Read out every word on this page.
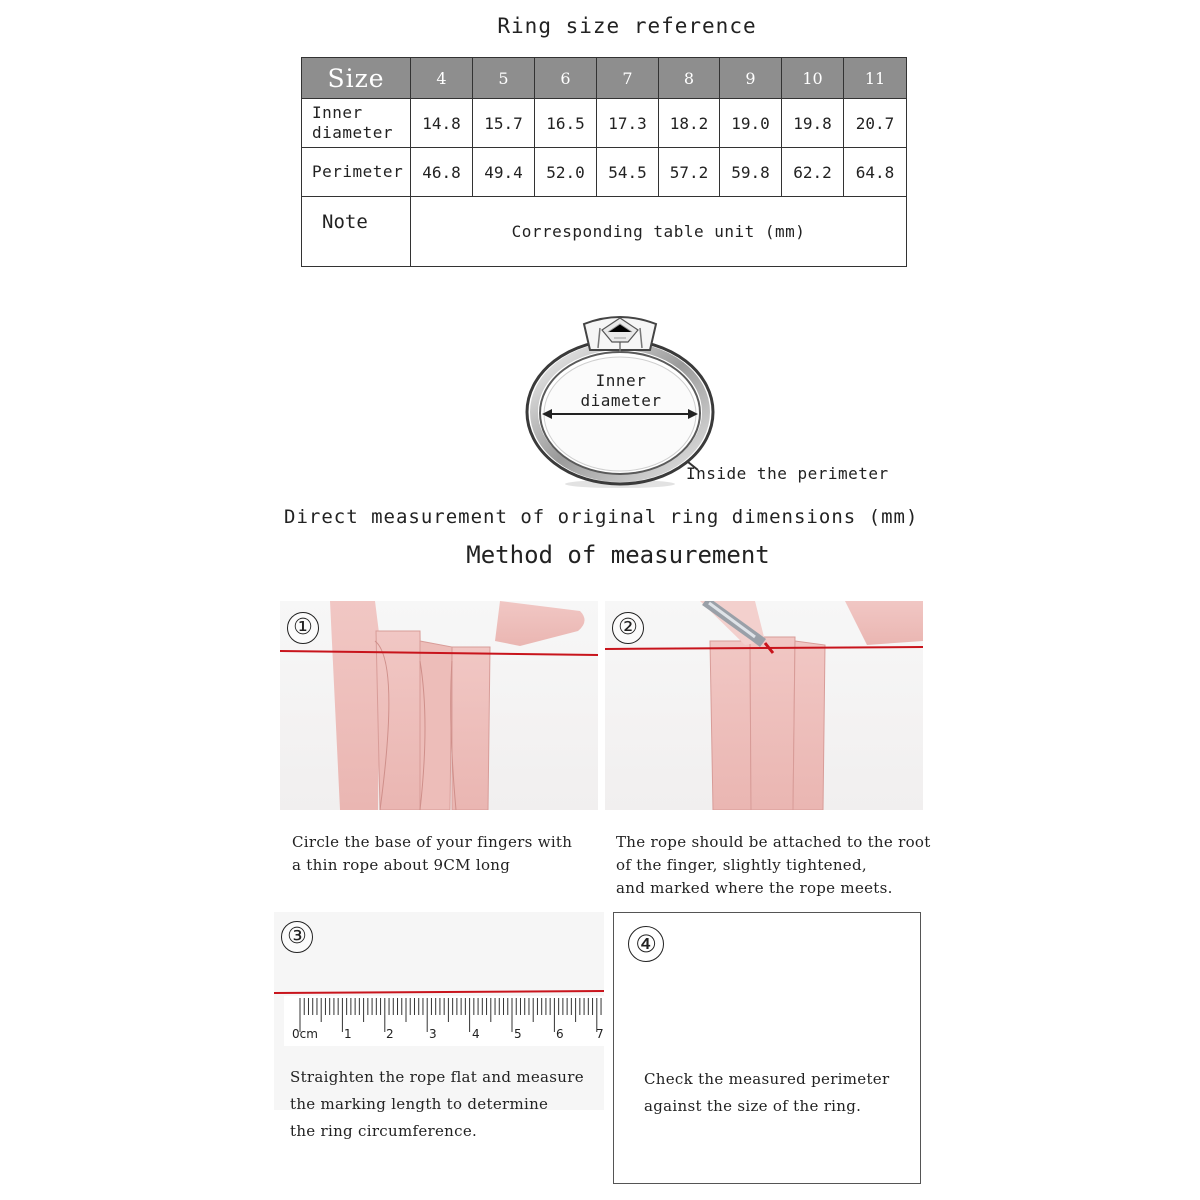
Ring size reference
Size	4	5	6	7	8	9	10	11
Inner
diameter	14.8	15.7	16.5	17.3	18.2	19.0	19.8	20.7
Perimeter	46.8	49.4	52.0	54.5	57.2	59.8	62.2	64.8
Note	Corresponding table unit (mm)							
Inner
diameter
Inside the perimeter
Direct measurement of original ring dimensions (mm)
Method of measurement
①
Circle the base of your fingers with
a thin rope about 9CM long
②
The rope should be attached to the root
of the finger, slightly tightened,
and marked where the rope meets.
0cm 1	2	3	4	5	6	7
③
Straighten the rope flat and measure
the marking length to determine
the ring circumference.
④
Check the measured perimeter
against the size of the ring.
